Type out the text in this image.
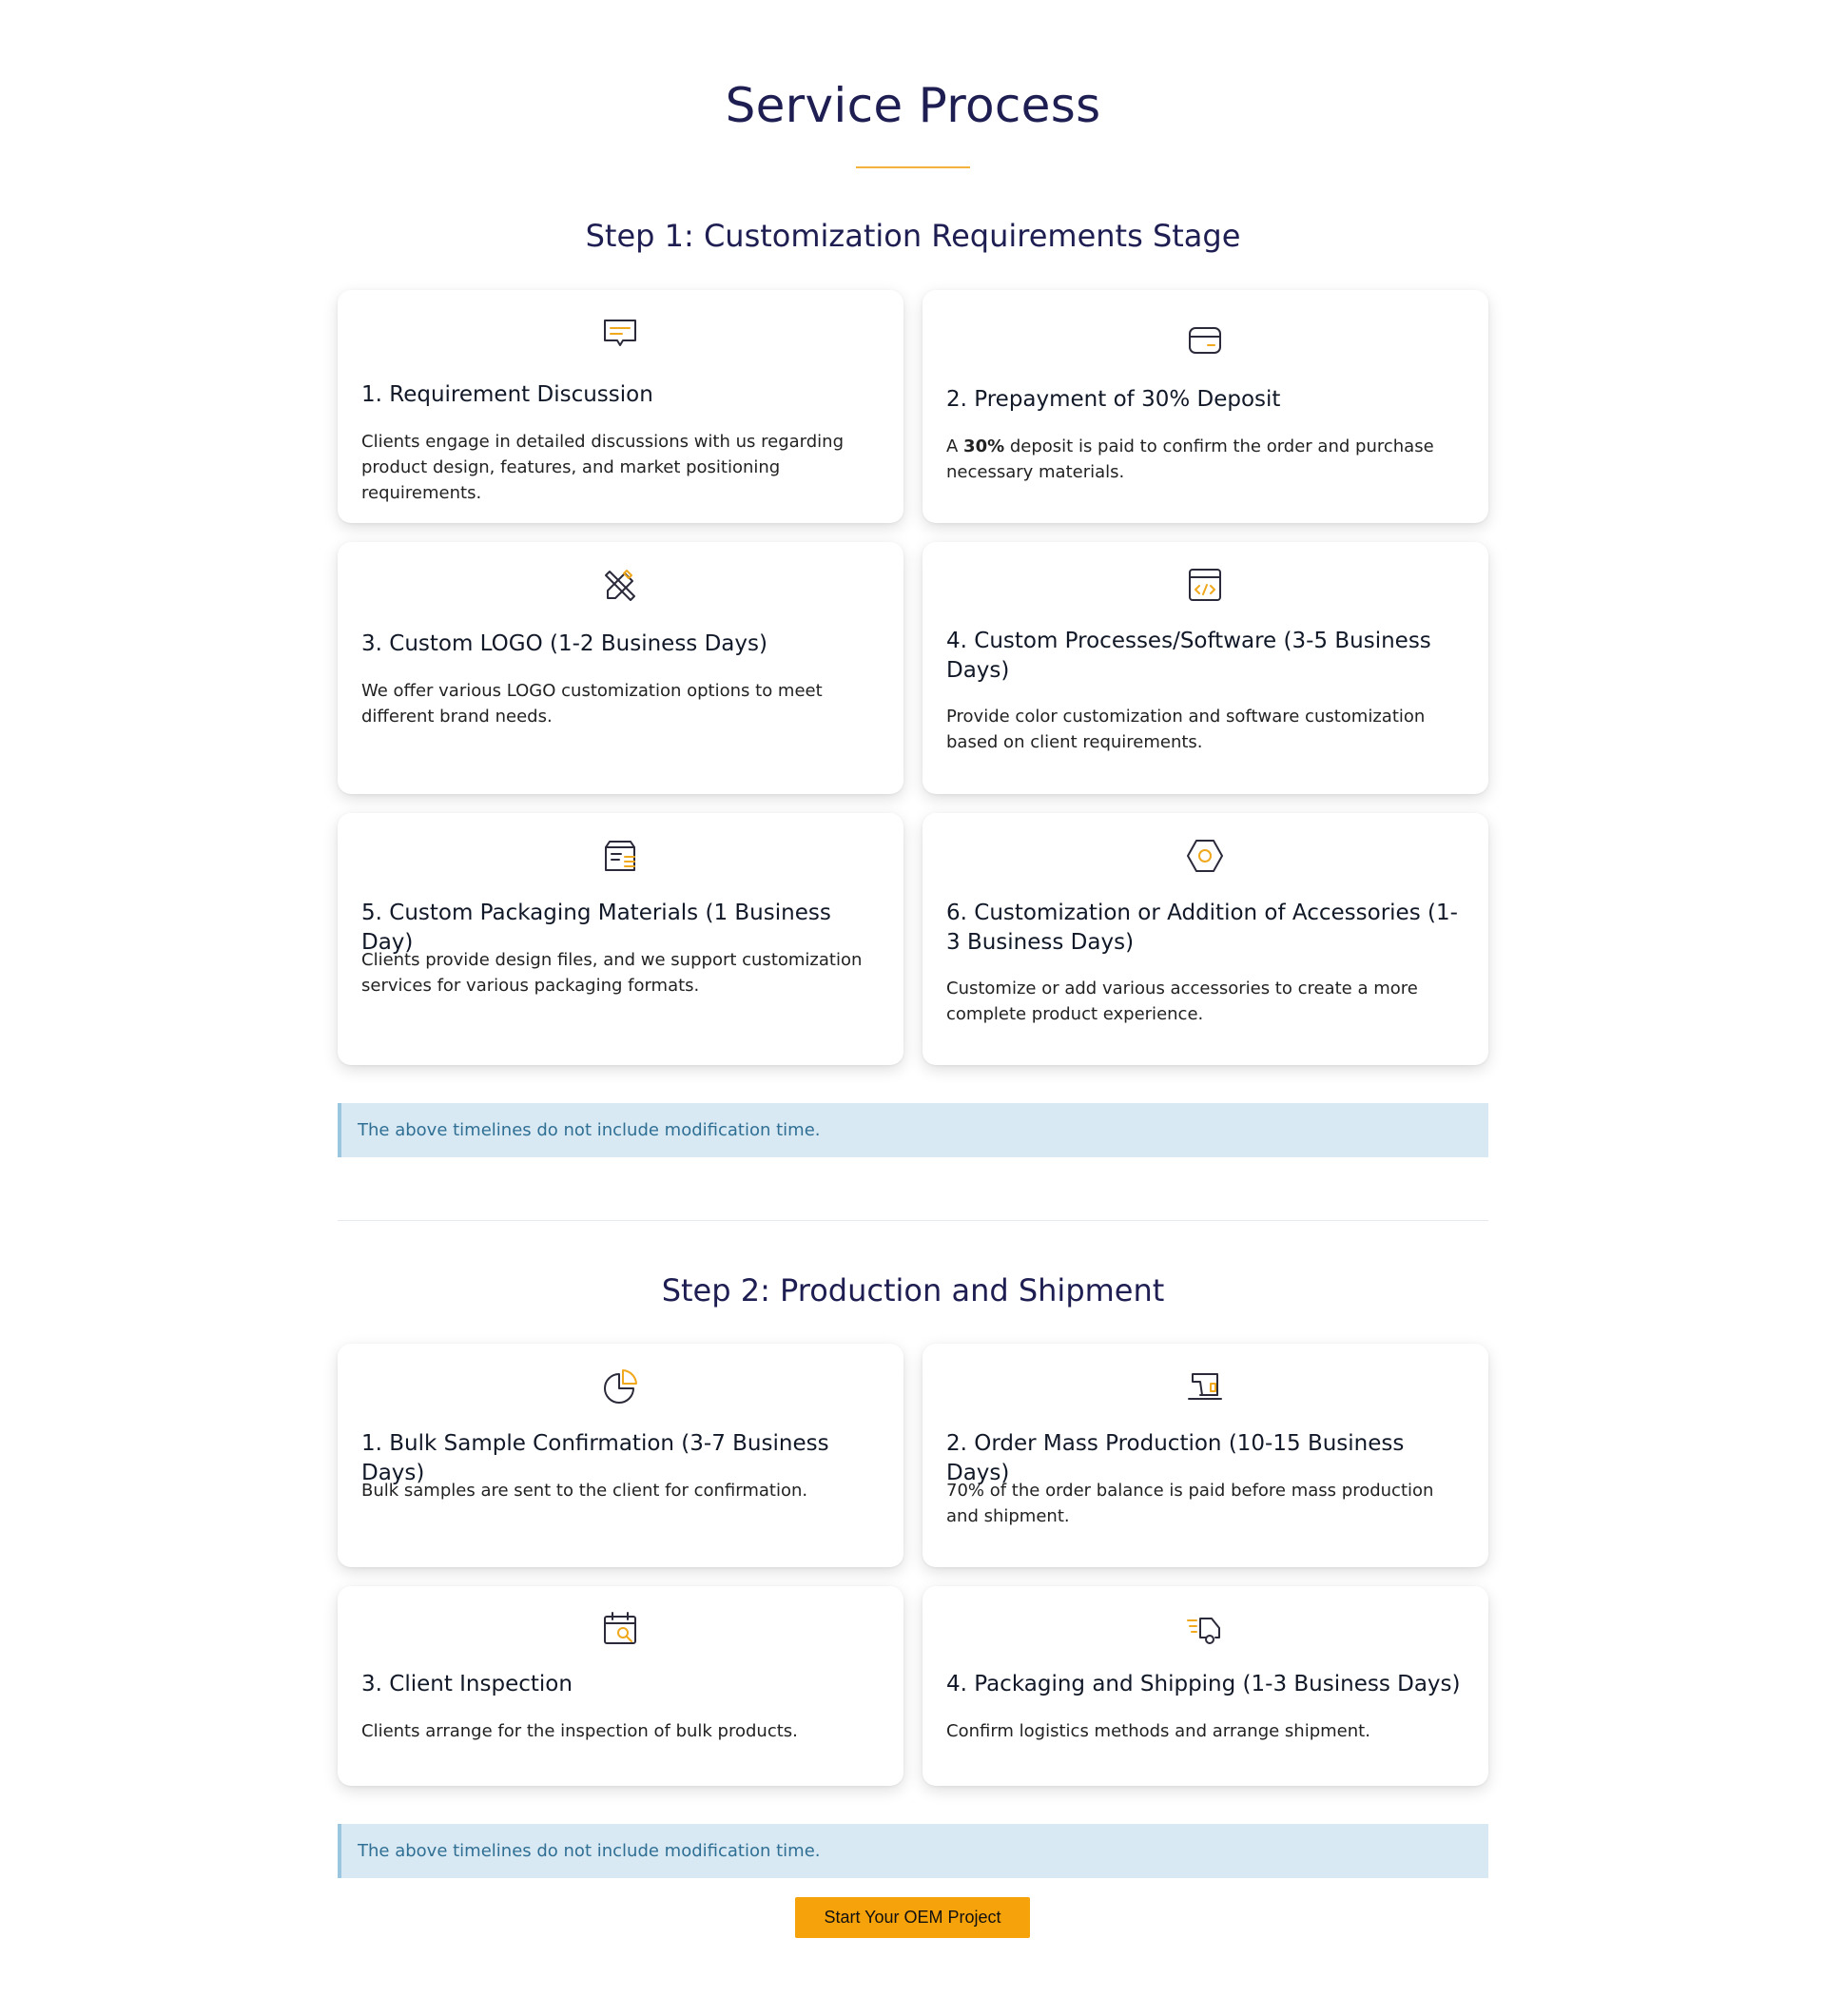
Service Process
Step 1: Customization Requirements Stage
1. Requirement Discussion

Clients engage in detailed discussions with us regarding product design, features, and market positioning requirements.

2. Prepayment of 30% Deposit

A 30% deposit is paid to confirm the order and purchase necessary materials.

3. Custom LOGO (1-2 Business Days)

We offer various LOGO customization options to meet different brand needs.

4. Custom Processes/Software (3-5 Business Days)

Provide color customization and software customization based on client requirements.

5. Custom Packaging Materials (1 Business Day)

Clients provide design files, and we support customization services for various packaging formats.

6. Customization or Addition of Accessories (1-3 Business Days)

Customize or add various accessories to create a more complete product experience.

The above timelines do not include modification time.
Step 2: Production and Shipment
1. Bulk Sample Confirmation (3-7 Business Days)

Bulk samples are sent to the client for confirmation.

2. Order Mass Production (10-15 Business Days)

70% of the order balance is paid before mass production and shipment.

3. Client Inspection

Clients arrange for the inspection of bulk products.

4. Packaging and Shipping (1-3 Business Days)

Confirm logistics methods and arrange shipment.

The above timelines do not include modification time.
Start Your OEM Project
